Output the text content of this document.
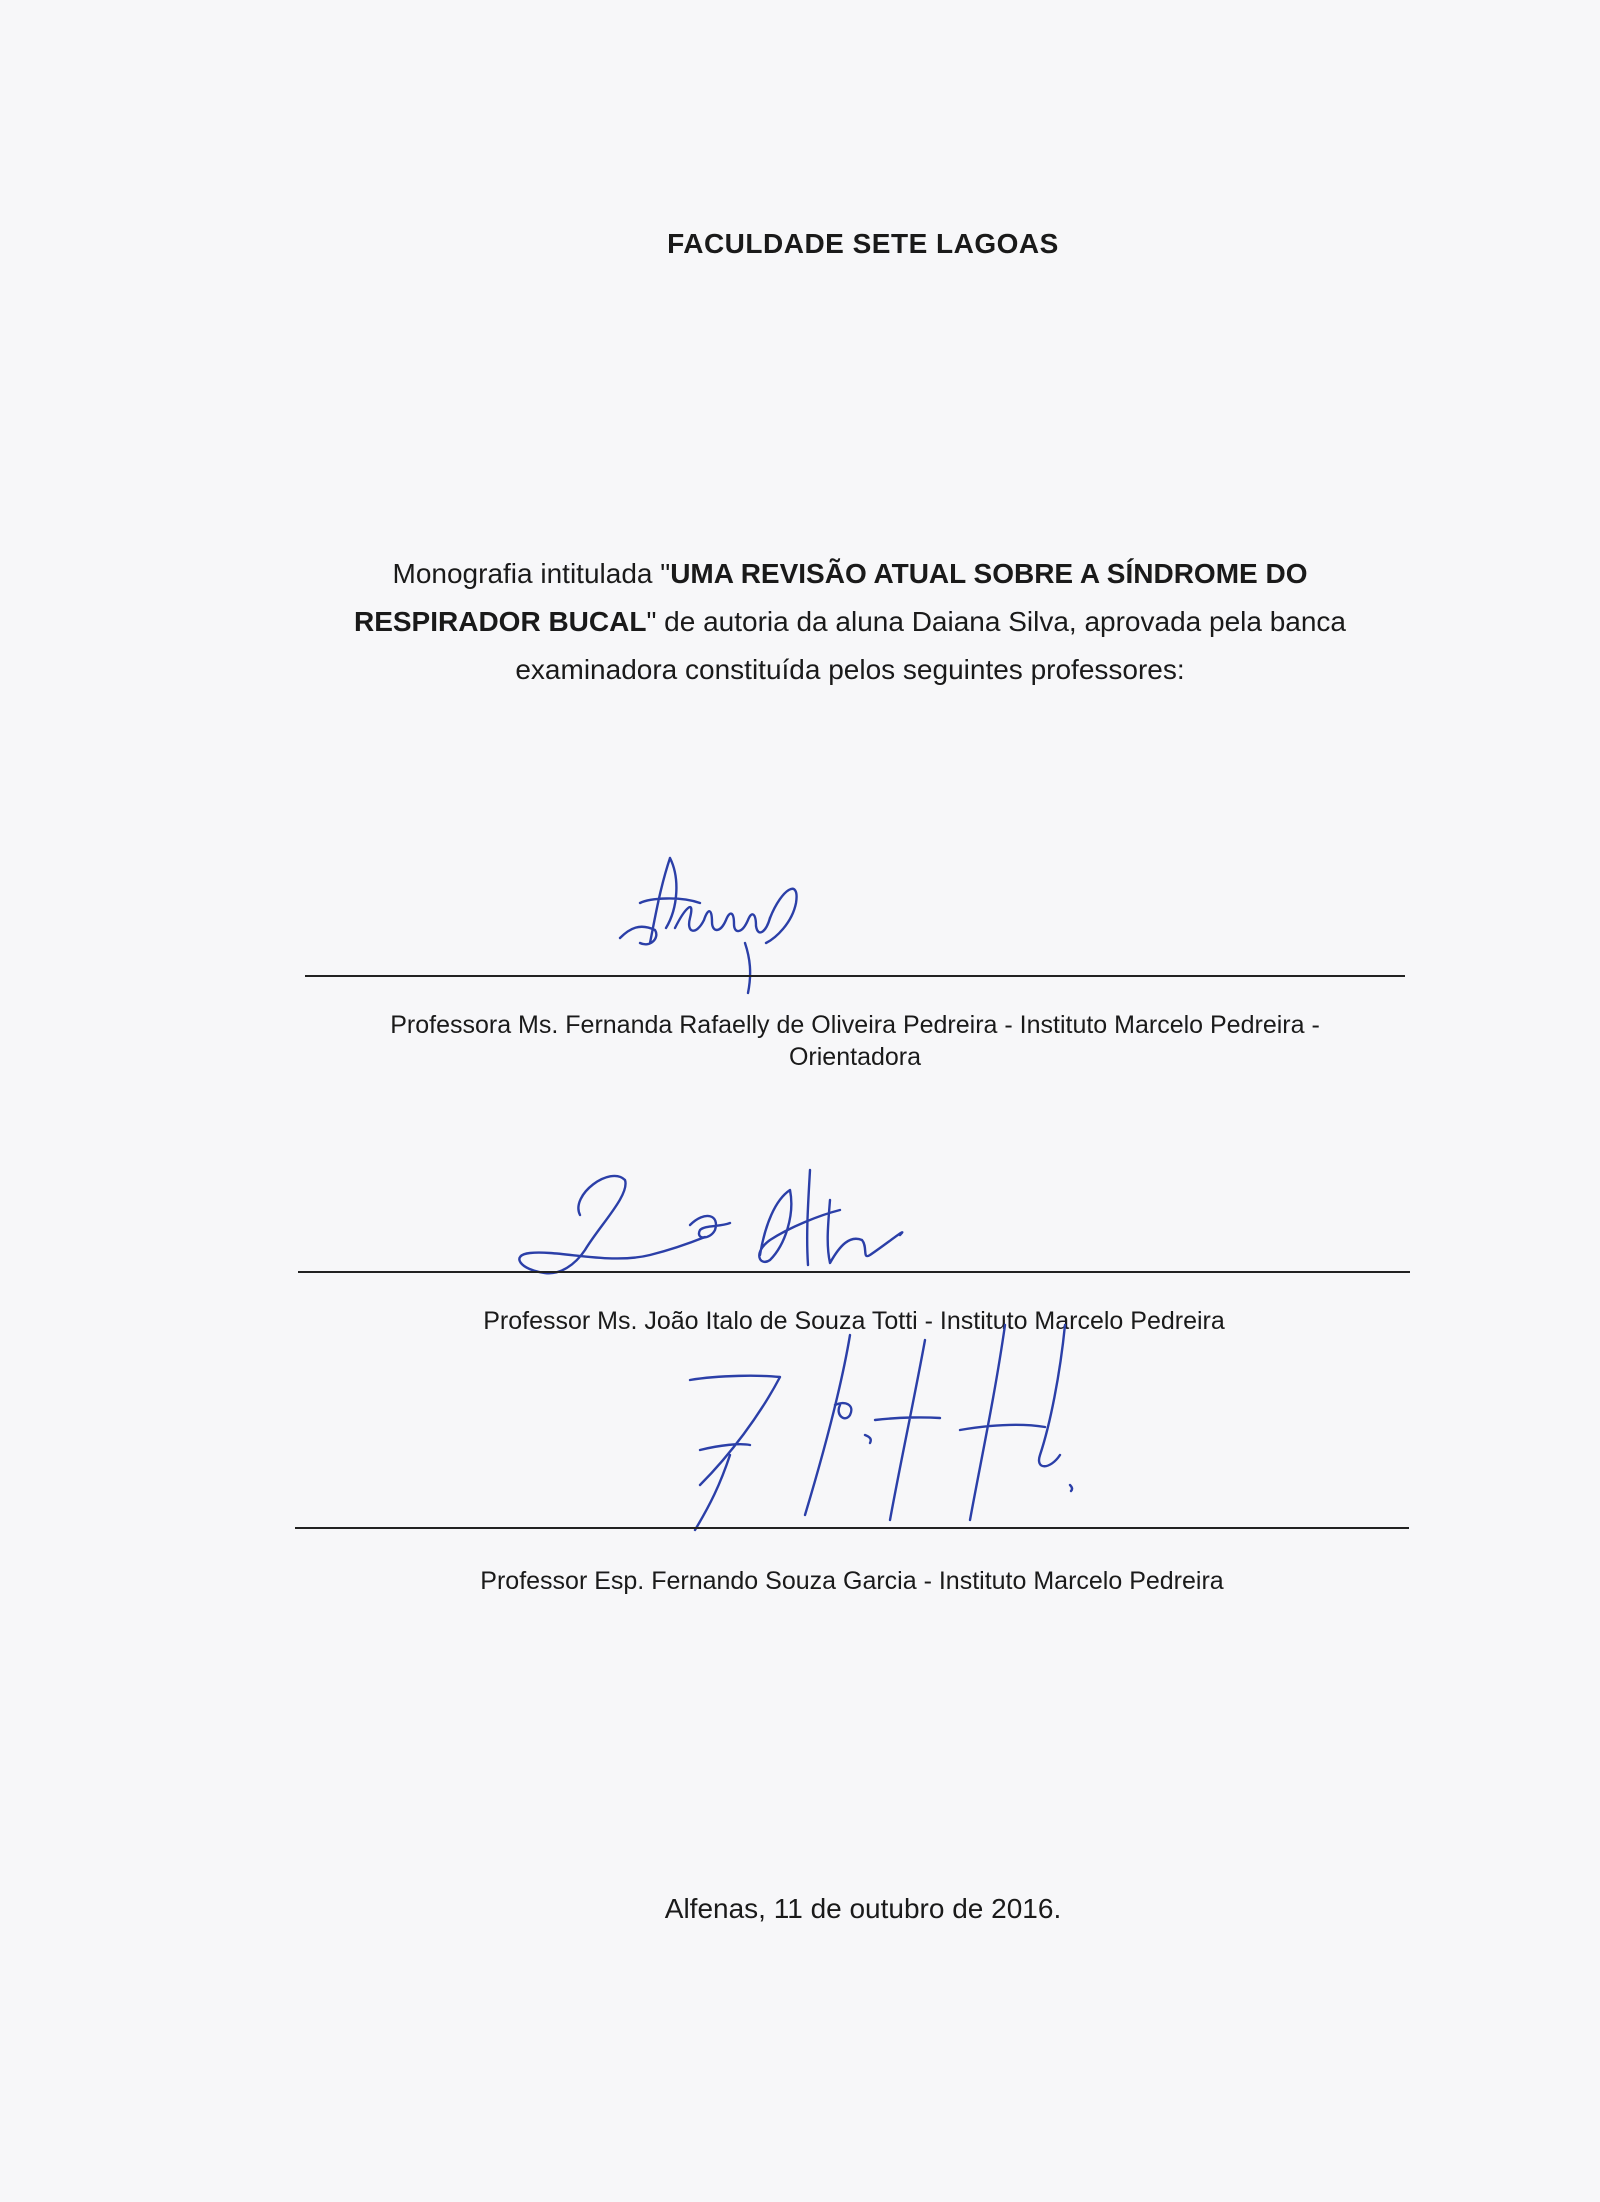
FACULDADE SETE LAGOAS
Monografia intitulada "UMA REVISÃO ATUAL SOBRE A SÍNDROME DO RESPIRADOR BUCAL" de autoria da aluna Daiana Silva, aprovada pela banca examinadora constituída pelos seguintes professores:
Professora Ms. Fernanda Rafaelly de Oliveira Pedreira - Instituto Marcelo Pedreira -
Orientadora
Professor Ms. João Italo de Souza Totti - Instituto Marcelo Pedreira
Professor Esp. Fernando Souza Garcia - Instituto Marcelo Pedreira
Alfenas, 11 de outubro de 2016.
